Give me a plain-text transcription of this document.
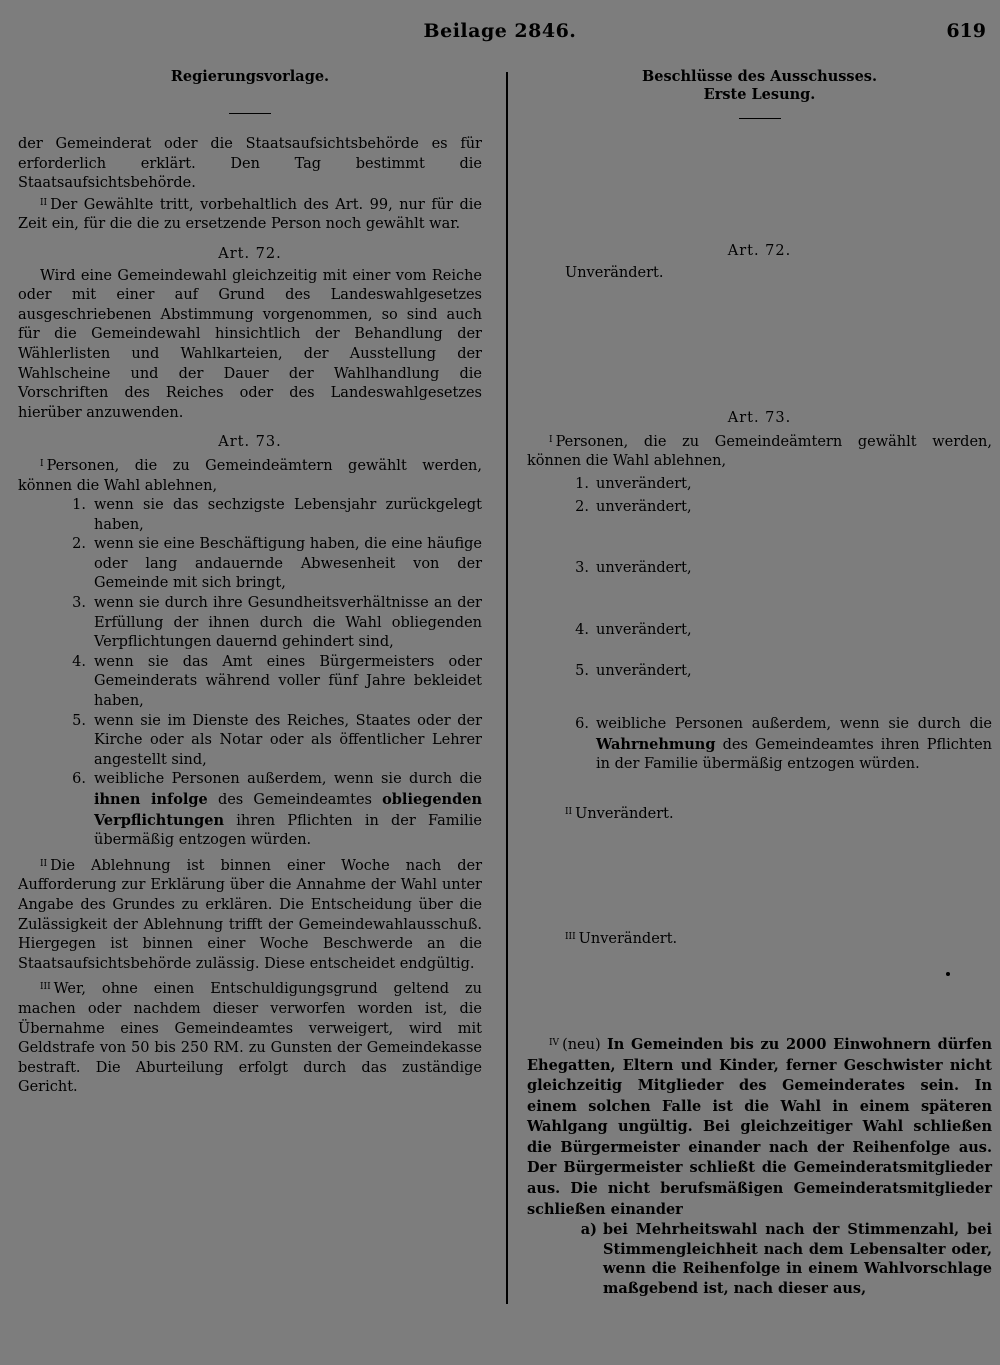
Beilage 2846.	619
Regierungsvorlage.
der Gemeinderat oder die Staatsaufsichtsbehörde es für erforderlich erklärt. Den Tag bestimmt die Staatsaufsichtsbehörde.
$^{II}$ Der Gewählte tritt, vorbehaltlich des Art. 99, nur für die Zeit ein, für die die zu ersetzende Person noch gewählt war.
Art. 72.
Wird eine Gemeindewahl gleichzeitig mit einer vom Reiche oder mit einer auf Grund des Landeswahlgesetzes ausgeschriebenen Abstimmung vorgenommen, so sind auch für die Gemeindewahl hinsichtlich der Behandlung der Wählerlisten und Wahlkarteien, der Ausstellung der Wahlscheine und der Dauer der Wahlhandlung die Vorschriften des Reiches oder des Landeswahlgesetzes hierüber anzuwenden.
Art. 73.
$^I$ Personen, die zu Gemeindeämtern gewählt werden, können die Wahl ablehnen,
1. wenn sie das sechzigste Lebensjahr zurückgelegt haben,
2. wenn sie eine Beschäftigung haben, die eine häufige oder lang andauernde Abwesenheit von der Gemeinde mit sich bringt,
3. wenn sie durch ihre Gesundheitsverhältnisse an der Erfüllung der ihnen durch die Wahl obliegenden Verpflichtungen dauernd gehindert sind,
4. wenn sie das Amt eines Bürgermeisters oder Gemeinderats während voller fünf Jahre bekleidet haben,
5. wenn sie im Dienste des Reiches, Staates oder der Kirche oder als Notar oder als öffentlicher Lehrer angestellt sind,
6. weibliche Personen außerdem, wenn sie durch die ihnen infolge des Gemeindeamtes obliegenden Verpflichtungen ihren Pflichten in der Familie übermäßig entzogen würden.
$^{II}$ Die Ablehnung ist binnen einer Woche nach der Aufforderung zur Erklärung über die Annahme der Wahl unter Angabe des Grundes zu erklären. Die Entscheidung über die Zulässigkeit der Ablehnung trifft der Gemeindewahlausschuß. Hiergegen ist binnen einer Woche Beschwerde an die Staatsaufsichtsbehörde zulässig. Diese entscheidet endgültig.
$^{III}$ Wer, ohne einen Entschuldigungsgrund geltend zu machen oder nachdem dieser verworfen worden ist, die Übernahme eines Gemeindeamtes verweigert, wird mit Geldstrafe von 50 bis 250 RM. zu Gunsten der Gemeindekasse bestraft. Die Aburteilung erfolgt durch das zuständige Gericht.
Beschlüsse des Ausschusses.
Erste Lesung.
Art. 72.
Unverändert.
Art. 73.
$^I$ Personen, die zu Gemeindeämtern gewählt werden, können die Wahl ablehnen,
1. unverändert,
2. unverändert,
3. unverändert,
4. unverändert,
5. unverändert,
6. weibliche Personen außerdem, wenn sie durch die Wahrnehmung des Gemeindeamtes ihren Pflichten in der Familie übermäßig entzogen würden.
$^{II}$ Unverändert.
$^{III}$ Unverändert.
$^{IV}$ (neu) In Gemeinden bis zu 2000 Einwohnern dürfen Ehegatten, Eltern und Kinder, ferner Geschwister nicht gleichzeitig Mitglieder des Gemeinderates sein. In einem solchen Falle ist die Wahl in einem späteren Wahlgang ungültig. Bei gleichzeitiger Wahl schließen die Bürgermeister einander nach der Reihenfolge aus. Der Bürgermeister schließt die Gemeinderatsmitglieder aus. Die nicht berufsmäßigen Gemeinderatsmitglieder schließen einander
a) bei Mehrheitswahl nach der Stimmenzahl, bei Stimmengleichheit nach dem Lebensalter oder, wenn die Reihenfolge in einem Wahlvorschlage maßgebend ist, nach dieser aus,
